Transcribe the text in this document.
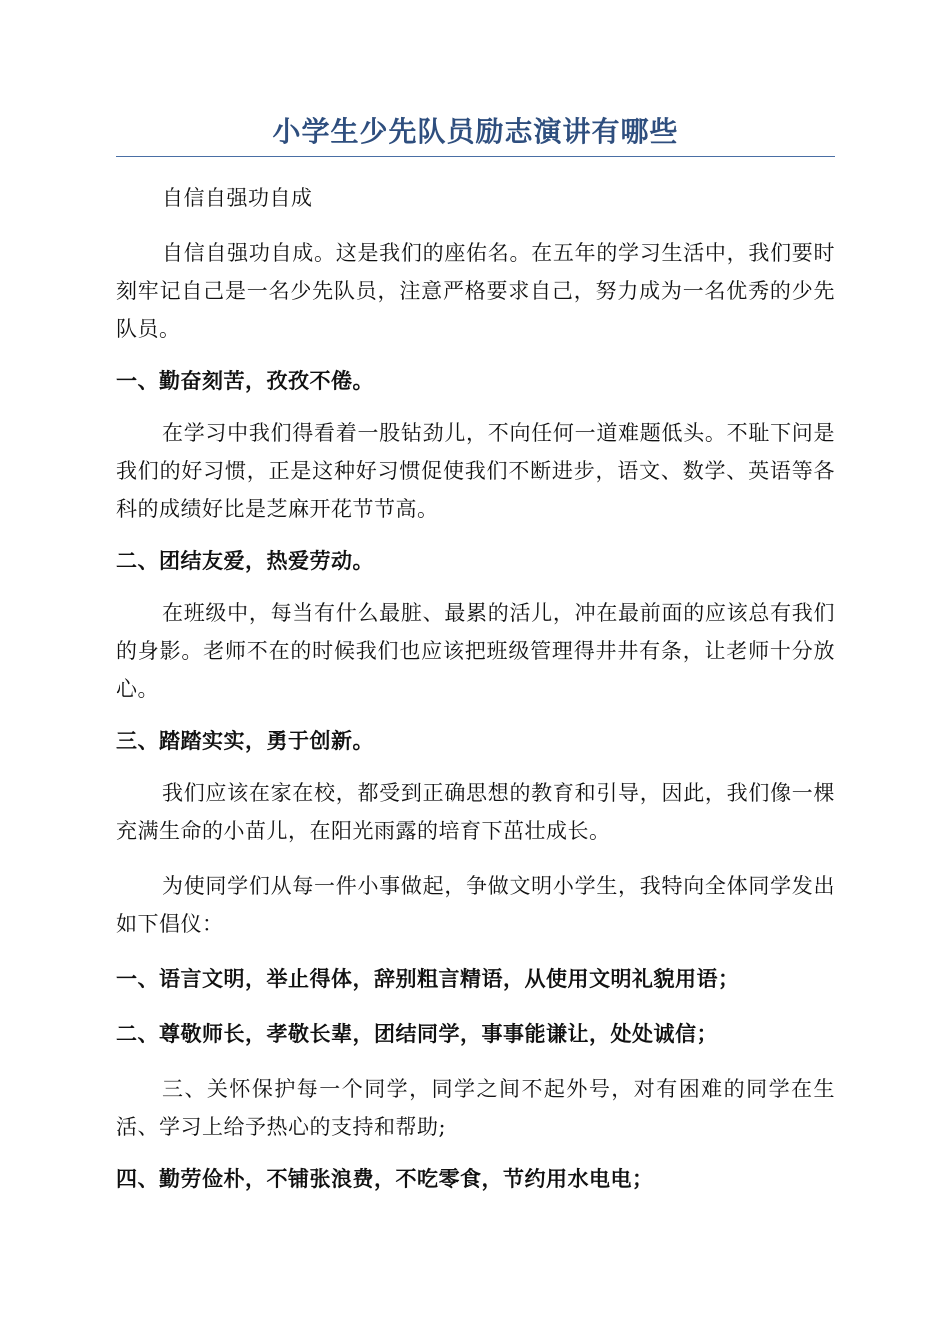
小学生少先队员励志演讲有哪些

自信自强功自成

自信自强功自成。这是我们的座佑名。在五年的学习生活中，我们要时刻牢记自己是一名少先队员，注意严格要求自己，努力成为一名优秀的少先队员。

一、勤奋刻苦，孜孜不倦。

在学习中我们得看着一股钻劲儿，不向任何一道难题低头。不耻下问是我们的好习惯，正是这种好习惯促使我们不断进步，语文、数学、英语等各科的成绩好比是芝麻开花节节高。

二、团结友爱，热爱劳动。

在班级中，每当有什么最脏、最累的活儿，冲在最前面的应该总有我们的身影。老师不在的时候我们也应该把班级管理得井井有条，让老师十分放心。

三、踏踏实实，勇于创新。

我们应该在家在校，都受到正确思想的教育和引导，因此，我们像一棵充满生命的小苗儿，在阳光雨露的培育下茁壮成长。

为使同学们从每一件小事做起，争做文明小学生，我特向全体同学发出如下倡仪：

一、语言文明，举止得体，辞别粗言精语，从使用文明礼貌用语；

二、尊敬师长，孝敬长辈，团结同学，事事能谦让，处处诚信；

三、关怀保护每一个同学，同学之间不起外号，对有困难的同学在生活、学习上给予热心的支持和帮助;

四、勤劳俭朴，不铺张浪费，不吃零食，节约用水电电；
